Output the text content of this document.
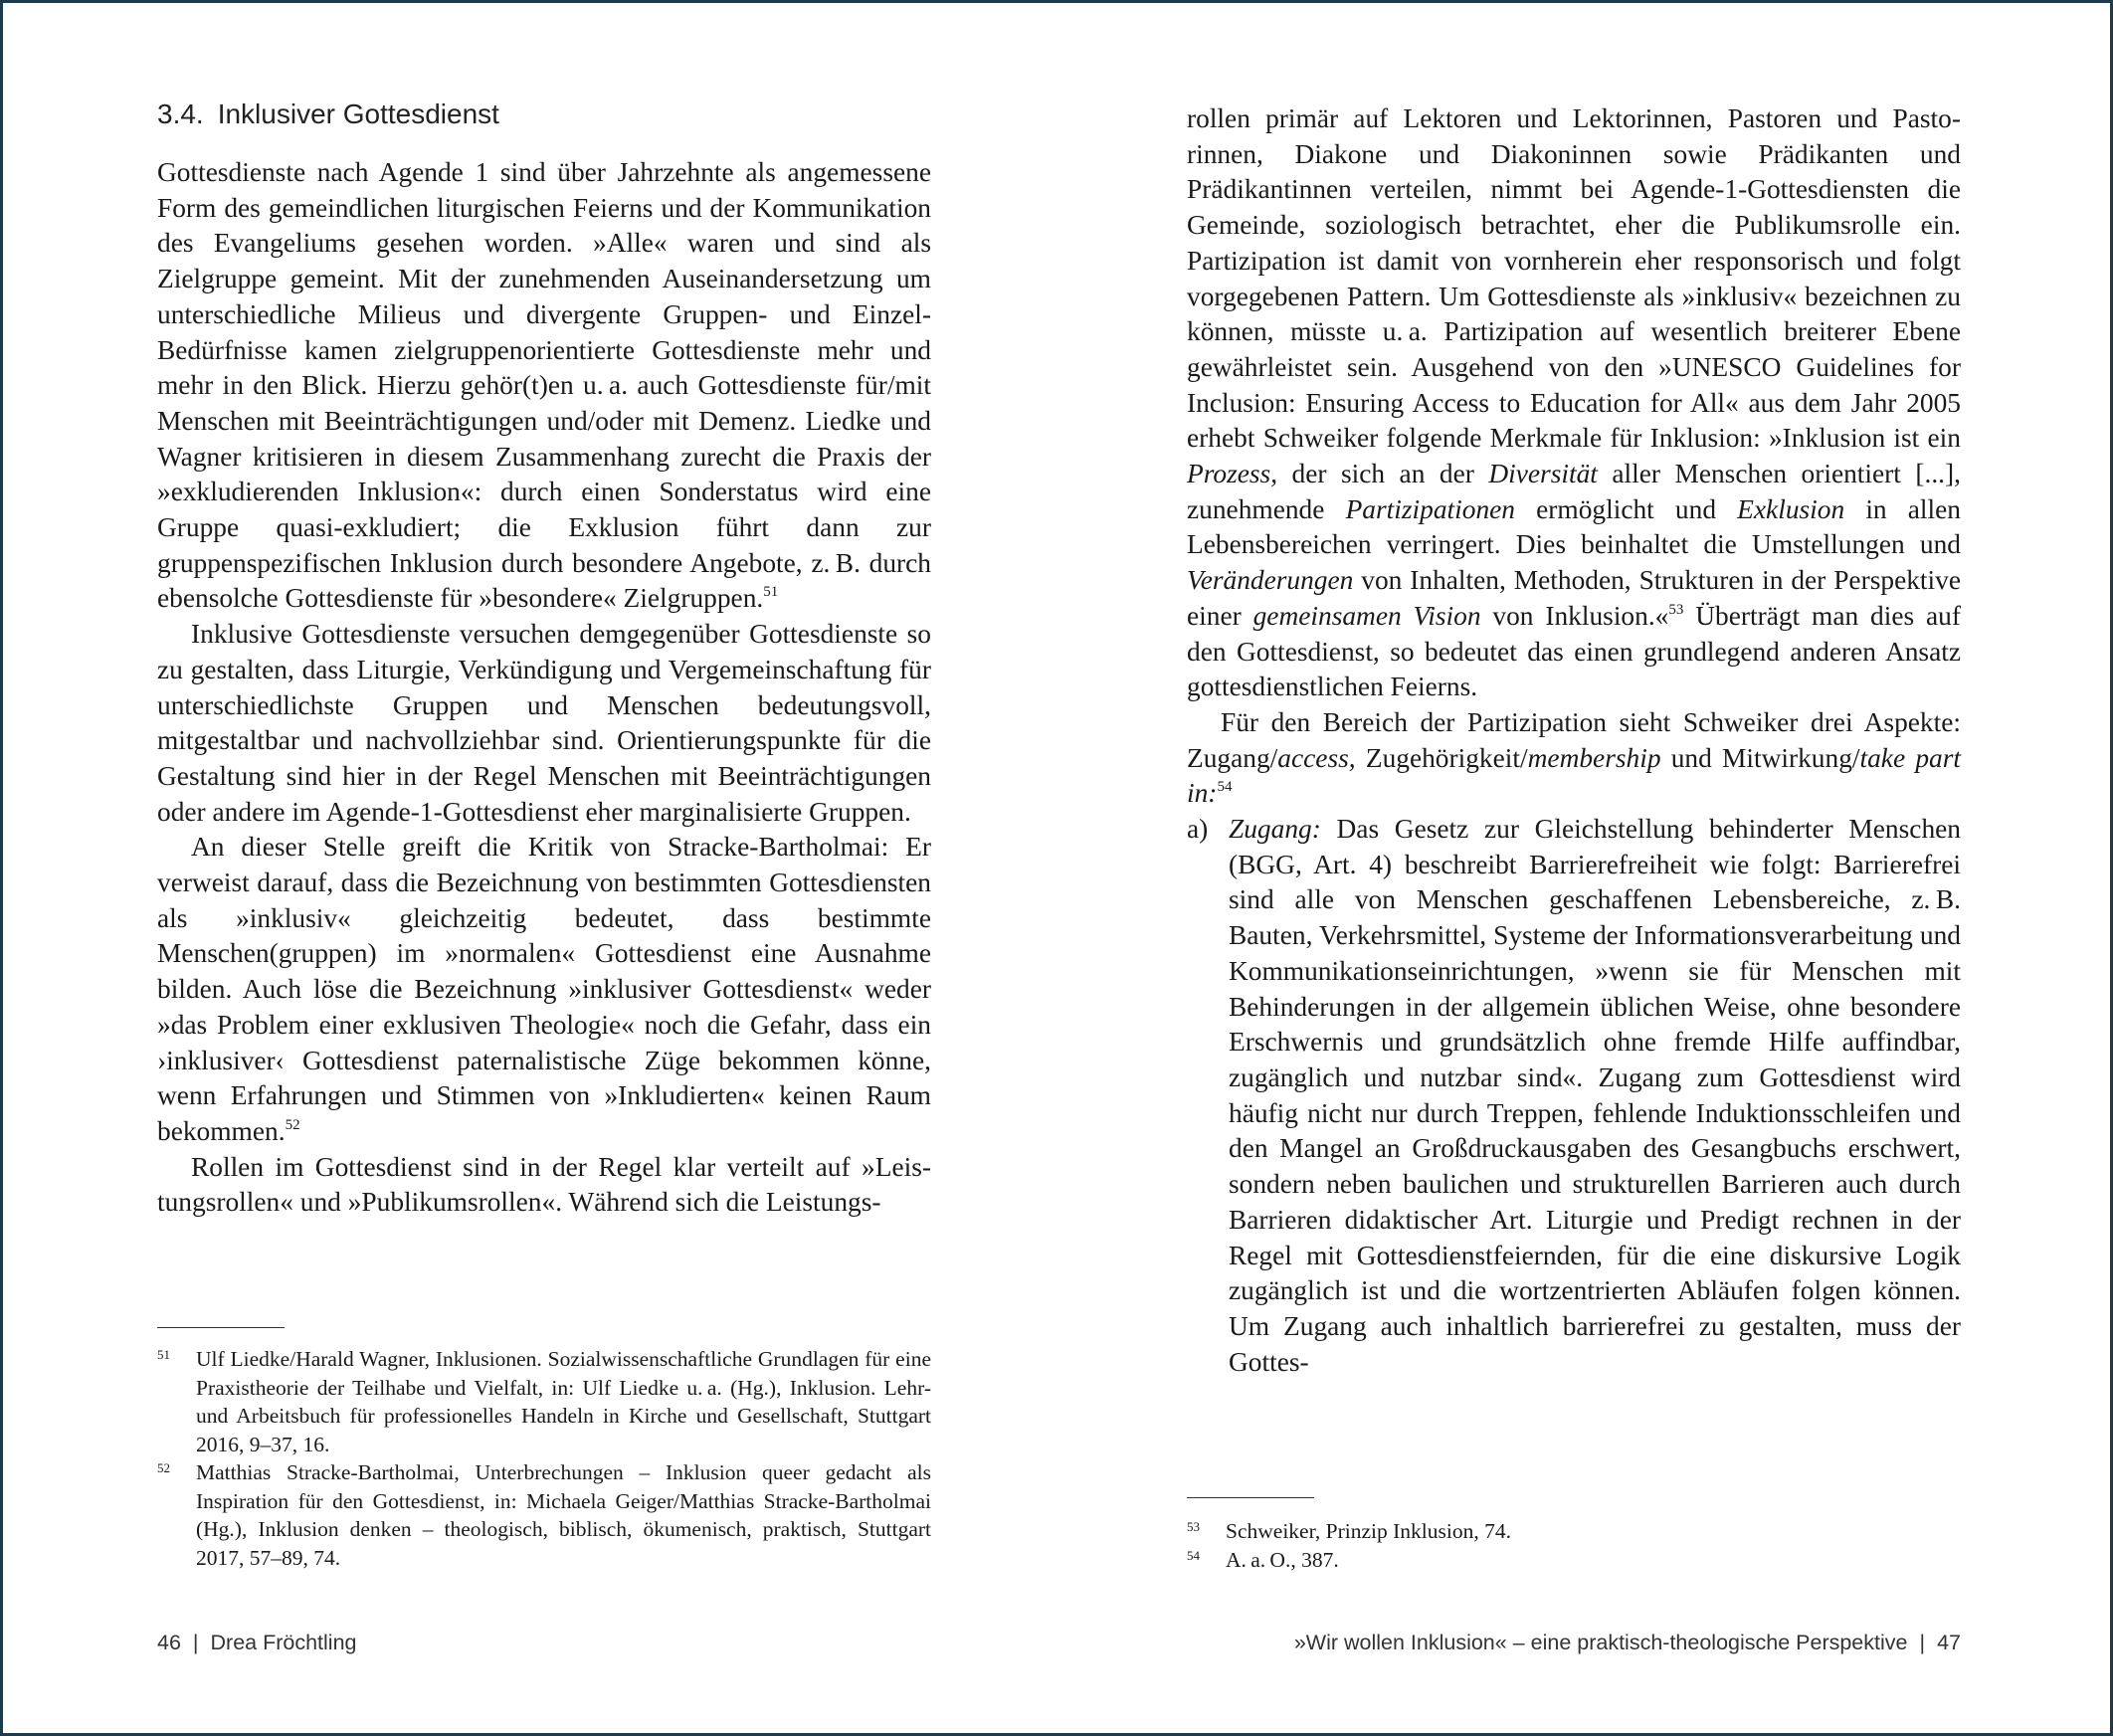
3.4. Inklusiver Gottesdienst

Gottesdienste nach Agende 1 sind über Jahrzehnte als angemessene Form des gemeindlichen liturgischen Feierns und der Kommunikation des Evangeliums gesehen worden. »Alle« waren und sind als Zielgruppe gemeint. Mit der zunehmenden Auseinandersetzung um unterschiedliche Milieus und divergente Gruppen- und Einzel-Bedürfnisse kamen zielgruppenorientierte Gottesdienste mehr und mehr in den Blick. Hierzu gehör(t)en u. a. auch Gottesdienste für/mit Menschen mit Beeinträchtigungen und/oder mit Demenz. Liedke und Wagner kritisieren in diesem Zusammenhang zurecht die Praxis der »exkludierenden Inklusion«: durch einen Sonderstatus wird eine Gruppe quasi-exkludiert; die Exklusion führt dann zur gruppenspezifischen Inklusion durch besondere Angebote, z. B. durch ebensolche Gottesdienste für »besondere« Zielgruppen.$^{51}$

Inklusive Gottesdienste versuchen demgegenüber Gottesdienste so zu gestalten, dass Liturgie, Verkündigung und Vergemeinschaftung für unterschiedlichste Gruppen und Menschen bedeutungsvoll, mitgestaltbar und nachvollziehbar sind. Orientierungspunkte für die Gestaltung sind hier in der Regel Menschen mit Beeinträchtigungen oder andere im Agende-1-Gottesdienst eher marginalisierte Gruppen.

An dieser Stelle greift die Kritik von Stracke-Bartholmai: Er verweist darauf, dass die Bezeichnung von bestimmten Gottesdiensten als »inklusiv« gleichzeitig bedeutet, dass bestimmte Menschen(gruppen) im »normalen« Gottesdienst eine Ausnahme bilden. Auch löse die Bezeichnung »inklusiver Gottesdienst« weder »das Problem einer exklusiven Theologie« noch die Gefahr, dass ein ›inklusiver‹ Gottesdienst paternalistische Züge bekommen könne, wenn Erfahrungen und Stimmen von »Inkludierten« keinen Raum bekommen.$^{52}$

Rollen im Gottesdienst sind in der Regel klar verteilt auf »Leistungsrollen« und »Publikumsrollen«. Während sich die Leistungs-

51 Ulf Liedke/Harald Wagner, Inklusionen. Sozialwissenschaftliche Grundlagen für eine Praxistheorie der Teilhabe und Vielfalt, in: Ulf Liedke u. a. (Hg.), Inklusion. Lehr- und Arbeitsbuch für professionelles Handeln in Kirche und Gesellschaft, Stuttgart 2016, 9–37, 16.
52 Matthias Stracke-Bartholmai, Unterbrechungen – Inklusion queer gedacht als Inspiration für den Gottesdienst, in: Michaela Geiger/Matthias Stracke-Bartholmai (Hg.), Inklusion denken – theologisch, biblisch, ökumenisch, praktisch, Stuttgart 2017, 57–89, 74.
46 | Drea Fröchtling

rollen primär auf Lektoren und Lektorinnen, Pastoren und Pastorinnen, Diakone und Diakoninnen sowie Prädikanten und Prädikantinnen verteilen, nimmt bei Agende-1-Gottesdiensten die Gemeinde, soziologisch betrachtet, eher die Publikumsrolle ein. Partizipation ist damit von vornherein eher responsorisch und folgt vorgegebenen Pattern. Um Gottesdienste als »inklusiv« bezeichnen zu können, müsste u. a. Partizipation auf wesentlich breiterer Ebene gewährleistet sein. Ausgehend von den »UNESCO Guidelines for Inclusion: Ensuring Access to Education for All« aus dem Jahr 2005 erhebt Schweiker folgende Merkmale für Inklusion: »Inklusion ist ein Prozess, der sich an der Diversität aller Menschen orientiert [...], zunehmende Partizipationen ermöglicht und Exklusion in allen Lebensbereichen verringert. Dies beinhaltet die Umstellungen und Veränderungen von Inhalten, Methoden, Strukturen in der Perspektive einer gemeinsamen Vision von Inklusion.«$^{53}$ Überträgt man dies auf den Gottesdienst, so bedeutet das einen grundlegend anderen Ansatz gottesdienstlichen Feierns.

Für den Bereich der Partizipation sieht Schweiker drei Aspekte: Zugang/access, Zugehörigkeit/membership und Mitwirkung/take part in:$^{54}$

a) Zugang: Das Gesetz zur Gleichstellung behinderter Menschen (BGG, Art. 4) beschreibt Barrierefreiheit wie folgt: Barrierefrei sind alle von Menschen geschaffenen Lebensbereiche, z. B. Bauten, Verkehrsmittel, Systeme der Informationsverarbeitung und Kommunikationseinrichtungen, »wenn sie für Menschen mit Behinderungen in der allgemein üblichen Weise, ohne besondere Erschwernis und grundsätzlich ohne fremde Hilfe auffindbar, zugänglich und nutzbar sind«. Zugang zum Gottesdienst wird häufig nicht nur durch Treppen, fehlende Induktionsschleifen und den Mangel an Großdruckausgaben des Gesangbuchs erschwert, sondern neben baulichen und strukturellen Barrieren auch durch Barrieren didaktischer Art. Liturgie und Predigt rechnen in der Regel mit Gottesdienstfeiernden, für die eine diskursive Logik zugänglich ist und die wortzentrierten Abläufen folgen können. Um Zugang auch inhaltlich barrierefrei zu gestalten, muss der Gottes-

53 Schweiker, Prinzip Inklusion, 74.
54 A. a. O., 387.
»Wir wollen Inklusion« – eine praktisch-theologische Perspektive | 47
